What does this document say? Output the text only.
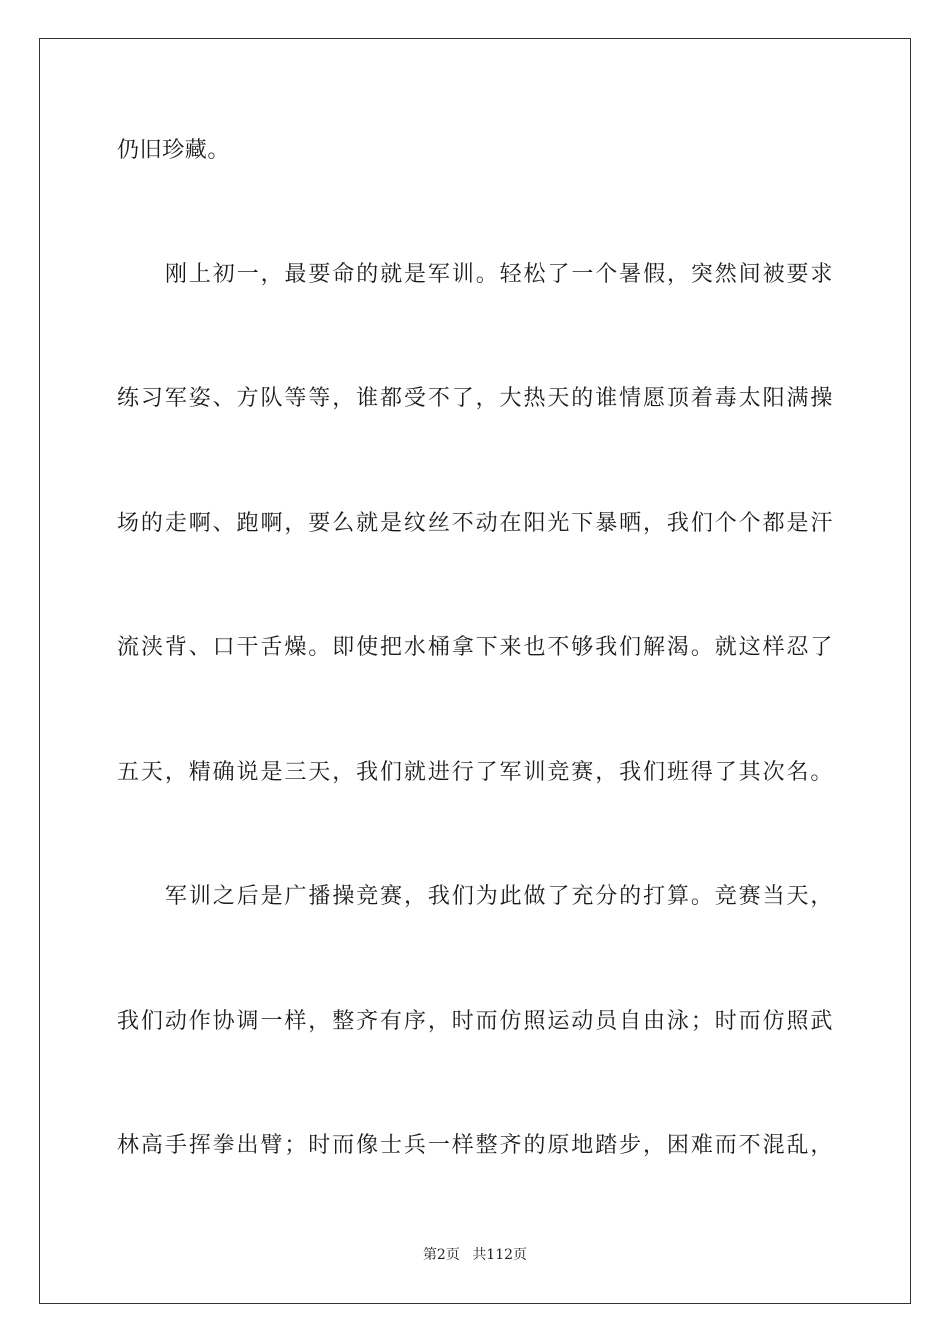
仍旧珍藏。
刚上初一，最要命的就是军训。轻松了一个暑假，突然间被要求
练习军姿、方队等等，谁都受不了，大热天的谁情愿顶着毒太阳满操
场的走啊、跑啊，要么就是纹丝不动在阳光下暴晒，我们个个都是汗
流浃背、口干舌燥。即使把水桶拿下来也不够我们解渴。就这样忍了
五天，精确说是三天，我们就进行了军训竞赛，我们班得了其次名。
军训之后是广播操竞赛，我们为此做了充分的打算。竞赛当天，
我们动作协调一样，整齐有序，时而仿照运动员自由泳；时而仿照武
林高手挥拳出臂；时而像士兵一样整齐的原地踏步，困难而不混乱，
第2页 共112页
